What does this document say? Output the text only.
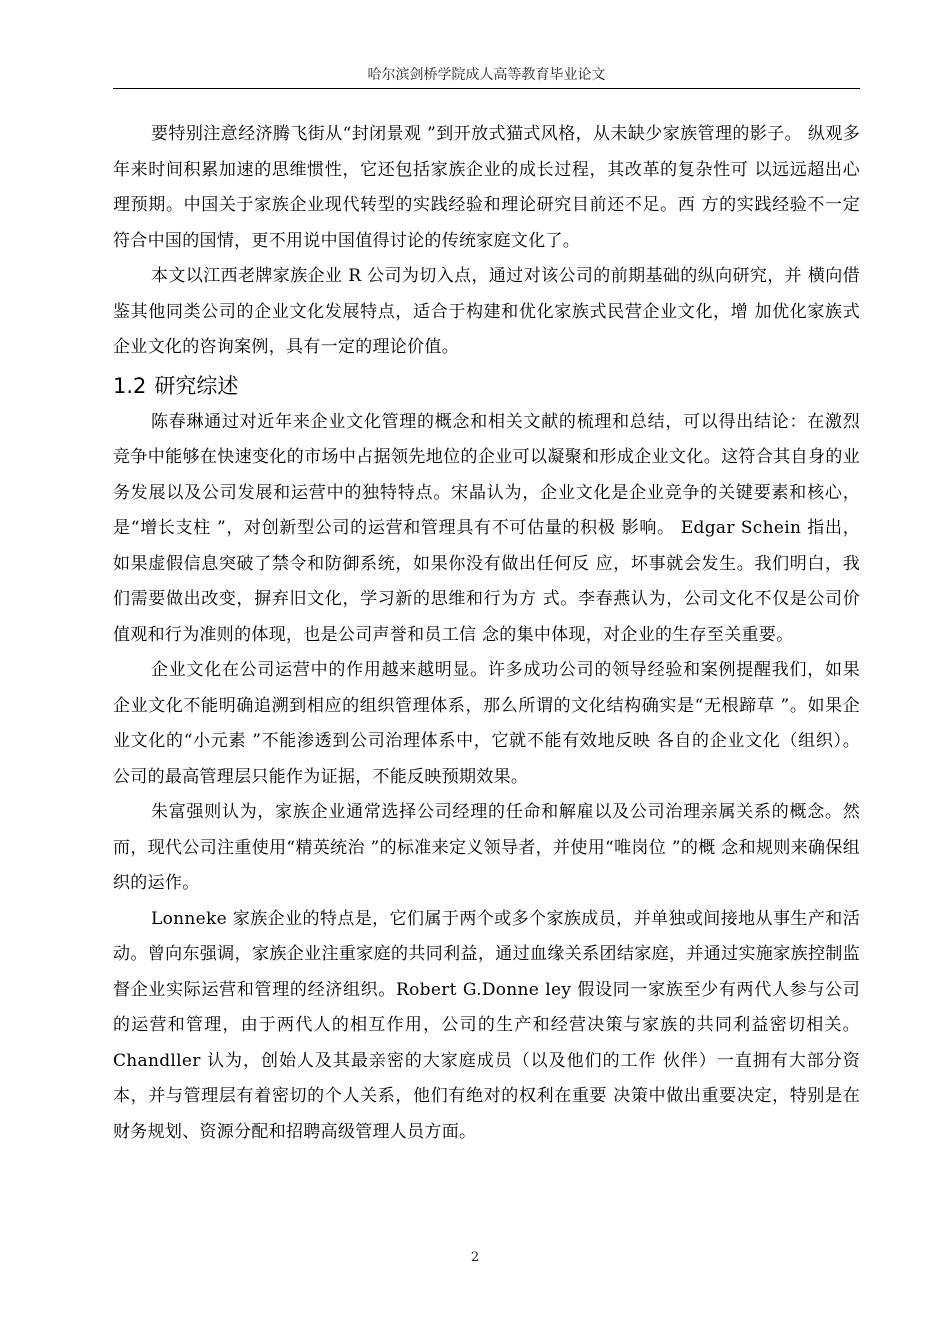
哈尔滨剑桥学院成人高等教育毕业论文

要特别注意经济腾飞街从“封闭景观 ”到开放式猫式风格，从未缺少家族管理的影子。 纵观多年来时间积累加速的思维惯性，它还包括家族企业的成长过程，其改革的复杂性可 以远远超出心理预期。中国关于家族企业现代转型的实践经验和理论研究目前还不足。西 方的实践经验不一定符合中国的国情，更不用说中国值得讨论的传统家庭文化了。

本文以江西老牌家族企业 R 公司为切入点，通过对该公司的前期基础的纵向研究，并 横向借鉴其他同类公司的企业文化发展特点，适合于构建和优化家族式民营企业文化，增 加优化家族式企业文化的咨询案例，具有一定的理论价值。

1.2 研究综述

陈春琳通过对近年来企业文化管理的概念和相关文献的梳理和总结，可以得出结论：在激烈竞争中能够在快速变化的市场中占据领先地位的企业可以凝聚和形成企业文化。这符合其自身的业务发展以及公司发展和运营中的独特特点。宋晶认为，企业文化是企业竞争的关键要素和核心，是“增长支柱 ”，对创新型公司的运营和管理具有不可估量的积极 影响。 Edgar Schein 指出，如果虚假信息突破了禁令和防御系统，如果你没有做出任何反 应，坏事就会发生。我们明白，我们需要做出改变，摒弃旧文化，学习新的思维和行为方 式。李春燕认为，公司文化不仅是公司价值观和行为准则的体现，也是公司声誉和员工信 念的集中体现，对企业的生存至关重要。

企业文化在公司运营中的作用越来越明显。许多成功公司的领导经验和案例提醒我们，如果企业文化不能明确追溯到相应的组织管理体系，那么所谓的文化结构确实是“无根蹄草 ”。如果企业文化的“小元素 ”不能渗透到公司治理体系中，它就不能有效地反映 各自的企业文化（组织）。公司的最高管理层只能作为证据，不能反映预期效果。

朱富强则认为，家族企业通常选择公司经理的任命和解雇以及公司治理亲属关系的概念。然而，现代公司注重使用“精英统治 ”的标准来定义领导者，并使用“唯岗位 ”的概 念和规则来确保组织的运作。

Lonneke 家族企业的特点是，它们属于两个或多个家族成员，并单独或间接地从事生产和活动。曾向东强调，家族企业注重家庭的共同利益，通过血缘关系团结家庭，并通过实施家族控制监督企业实际运营和管理的经济组织。Robert G.Donne ley 假设同一家族至少有两代人参与公司的运营和管理，由于两代人的相互作用，公司的生产和经营决策与家族的共同利益密切相关。Chandller 认为，创始人及其最亲密的大家庭成员（以及他们的工作 伙伴）一直拥有大部分资本，并与管理层有着密切的个人关系，他们有绝对的权利在重要 决策中做出重要决定，特别是在财务规划、资源分配和招聘高级管理人员方面。

2
